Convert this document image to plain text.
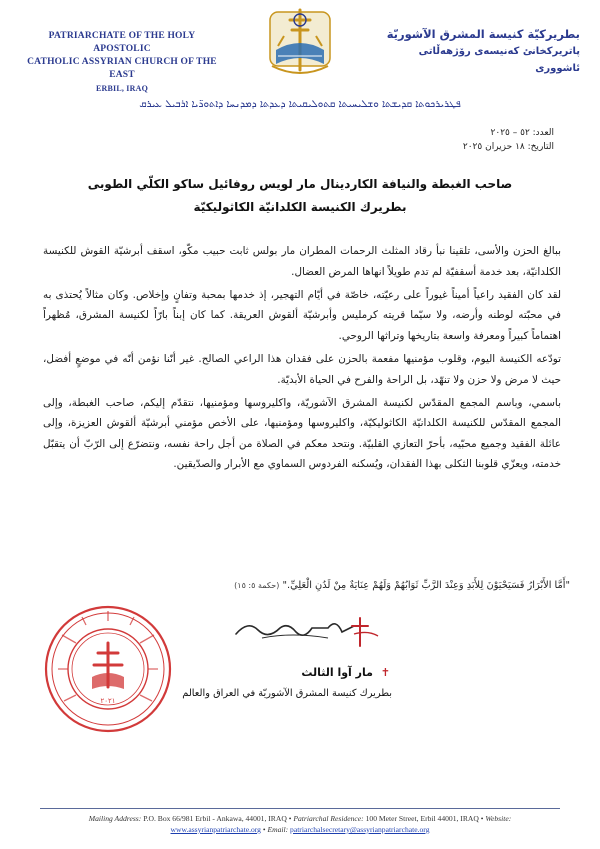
PATRIARCHATE OF THE HOLY APOSTOLIC
CATHOLIC ASSYRIAN CHURCH OF THE EAST
ERBIL, IRAQ
بطريركيّة كنيسة المشرق الآشوريّة
پاتريرکخانئ کەنيسەی رۆژهەڵاتی ئاشووری
ܦܛܪܝܪܟܘܬܐ ܩܕܝܫܬܐ ܘܫܠܝܚܝܬܐ ܩܬܘܠܝܩܝܬܐ ܕܥܕܬܐ ܕܡܕܢܚܐ ܕܐܬܘܖ̈ܝܐ ܐܪܒܝܠ ܥܝܪܩ
العدد: ٥٢ – ٢٠٢٥
التاريخ: ١٨ حزيران ٢٠٢٥
صاحب الغبطة والنيافة الكاردينال مار لويس روفائيل ساكو الكلّي الطوبى
بطريرك الكنيسة الكلدانيّة الكاثوليكيّة

ببالغ الحزن والأسى، تلقينا نبأ رقاد المثلث الرحمات المطران مار بولس ثابت حبيب مكّو، اسقف أبرشيّة القوش للكنيسة الكلدانيّة، بعد خدمة أسقفيّة لم تدم طويلاً انهاها المرض العضال.

لقد كان الفقيد راعياً أميناً غيوراً على رعيّته، خاصّة في أيّام التهجير، إذ خدمها بمحبة وتفانٍ وإخلاص. وكان مثالاً يُحتذى به في محبّته لوطنه وأرضه، ولا سيّما قريته كرمليس وأبرشيّة ألقوش العريقة. كما كان إبناً بارّاً لكنيسة المشرق، مُظهراً اهتماماً كبيراً ومعرفة واسعة بتاريخها وتراثها الروحي.

تودّعه الكنيسة اليوم، وقلوب مؤمنيها مفعمة بالحزن على فقدان هذا الراعي الصالح. غير أنّنا نؤمن أنّه في موضعٍ أفضل، حيث لا مرض ولا حزن ولا تنهّد، بل الراحة والفرح في الحياة الأبديّة.

باسمي، وباسم المجمع المقدّس لكنيسة المشرق الآشوريّة، واكليروسها ومؤمنيها، نتقدّم إليكم، صاحب الغبطة، وإلى المجمع المقدّس للكنيسة الكلدانيّة الكاثوليكيّة، واكليروسها ومؤمنيها، على الأخص مؤمني أبرشيّة ألقوش العزيزة، وإلى عائلة الفقيد وجميع محبّيه، بأحرّ التعازي القلبيّة. ونتحد معكم في الصلاة من أجل راحة نفسه، ونتضرّع إلى الرّبّ أن يتقبّل خدمته، ويعزّي قلوبنا الثكلى بهذا الفقدان، ويُسكنه الفردوس السماوي مع الأبرار والصدّيقين.

"أَمَّا الأَبْرَارُ فَسَيَحْيَوْنَ لِلأَبَدِ وَعِنْدَ الرَّبِّ ثَوَابُهُمْ وَلَهُمْ عِنَايَةٌ مِنْ لَدُنِ الْعَلِيِّ." (حكمة ٥: ١٥)
٢٠٢١
✝ مار آوا الثالث
بطريرك كنيسة المشرق الآشوريّة في العراق والعالم
Mailing Address: P.O. Box 66/981 Erbil - Ankawa, 44001, IRAQ • Patriarchal Residence: 100 Meter Street, Erbil 44001, IRAQ • Website:
www.assyrianpatriarchate.org • Email: patriarchalsecretary@assyrianpatriarchate.org
